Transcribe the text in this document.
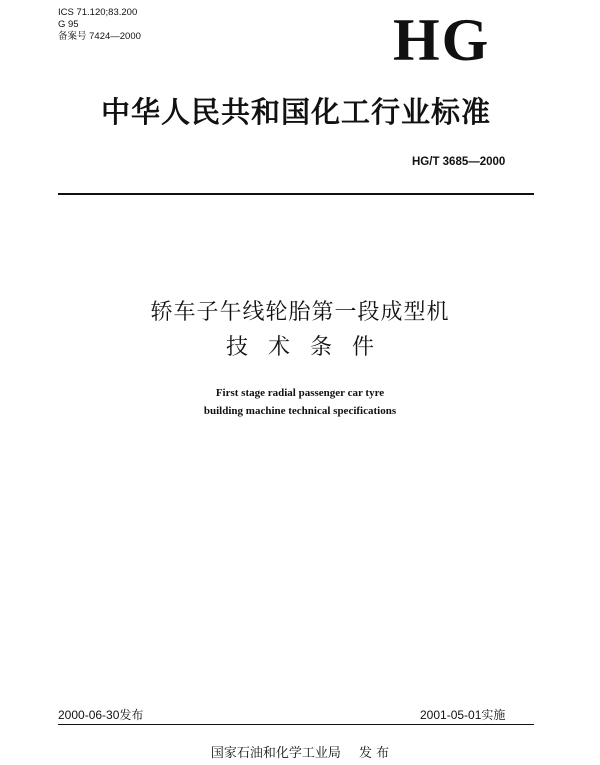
ICS 71.120;83.200
G 95
备案号 7424—2000	HG
中华人民共和国化工行业标准
HG/T 3685—2000
轿车子午线轮胎第一段成型机
技术条件
First stage radial passenger car tyre
building machine technical specifications
2000-06-30发布	2001-05-01实施
国家石油和化学工业局 发 布
